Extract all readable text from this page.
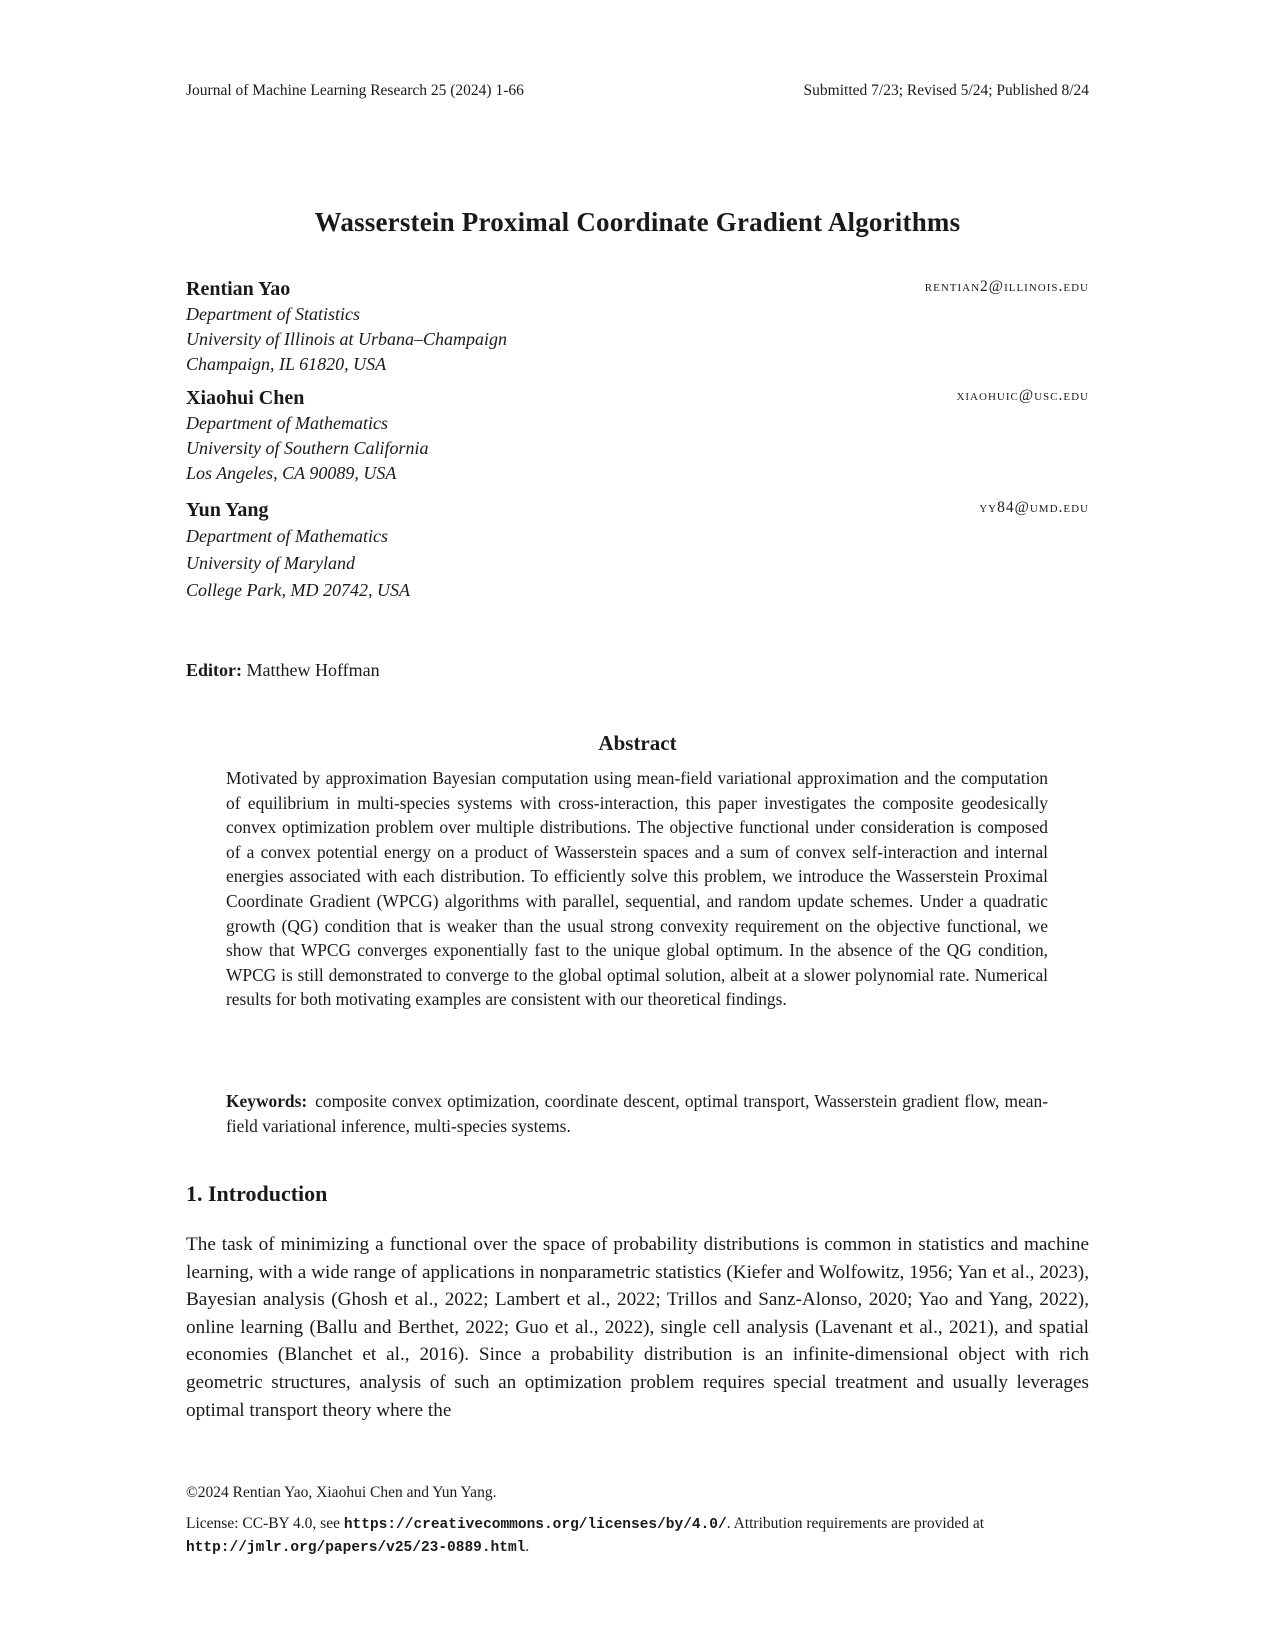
Journal of Machine Learning Research 25 (2024) 1-66	Submitted 7/23; Revised 5/24; Published 8/24
Wasserstein Proximal Coordinate Gradient Algorithms
Rentian Yao	rentian2@illinois.edu
Department of Statistics
University of Illinois at Urbana–Champaign
Champaign, IL 61820, USA
Xiaohui Chen	xiaohuic@usc.edu
Department of Mathematics
University of Southern California
Los Angeles, CA 90089, USA
Yun Yang	yy84@umd.edu
Department of Mathematics
University of Maryland
College Park, MD 20742, USA
Editor: Matthew Hoffman
Abstract
Motivated by approximation Bayesian computation using mean-field variational approximation and the computation of equilibrium in multi-species systems with cross-interaction, this paper investigates the composite geodesically convex optimization problem over multiple distributions. The objective functional under consideration is composed of a convex potential energy on a product of Wasserstein spaces and a sum of convex self-interaction and internal energies associated with each distribution. To efficiently solve this problem, we introduce the Wasserstein Proximal Coordinate Gradient (WPCG) algorithms with parallel, sequential, and random update schemes. Under a quadratic growth (QG) condition that is weaker than the usual strong convexity requirement on the objective functional, we show that WPCG converges exponentially fast to the unique global optimum. In the absence of the QG condition, WPCG is still demonstrated to converge to the global optimal solution, albeit at a slower polynomial rate. Numerical results for both motivating examples are consistent with our theoretical findings.
Keywords: composite convex optimization, coordinate descent, optimal transport, Wasserstein gradient flow, mean-field variational inference, multi-species systems.
1. Introduction
The task of minimizing a functional over the space of probability distributions is common in statistics and machine learning, with a wide range of applications in nonparametric statistics (Kiefer and Wolfowitz, 1956; Yan et al., 2023), Bayesian analysis (Ghosh et al., 2022; Lambert et al., 2022; Trillos and Sanz-Alonso, 2020; Yao and Yang, 2022), online learning (Ballu and Berthet, 2022; Guo et al., 2022), single cell analysis (Lavenant et al., 2021), and spatial economies (Blanchet et al., 2016). Since a probability distribution is an infinite-dimensional object with rich geometric structures, analysis of such an optimization problem requires special treatment and usually leverages optimal transport theory where the
©2024 Rentian Yao, Xiaohui Chen and Yun Yang.
License: CC-BY 4.0, see https://creativecommons.org/licenses/by/4.0/. Attribution requirements are provided at http://jmlr.org/papers/v25/23-0889.html.
